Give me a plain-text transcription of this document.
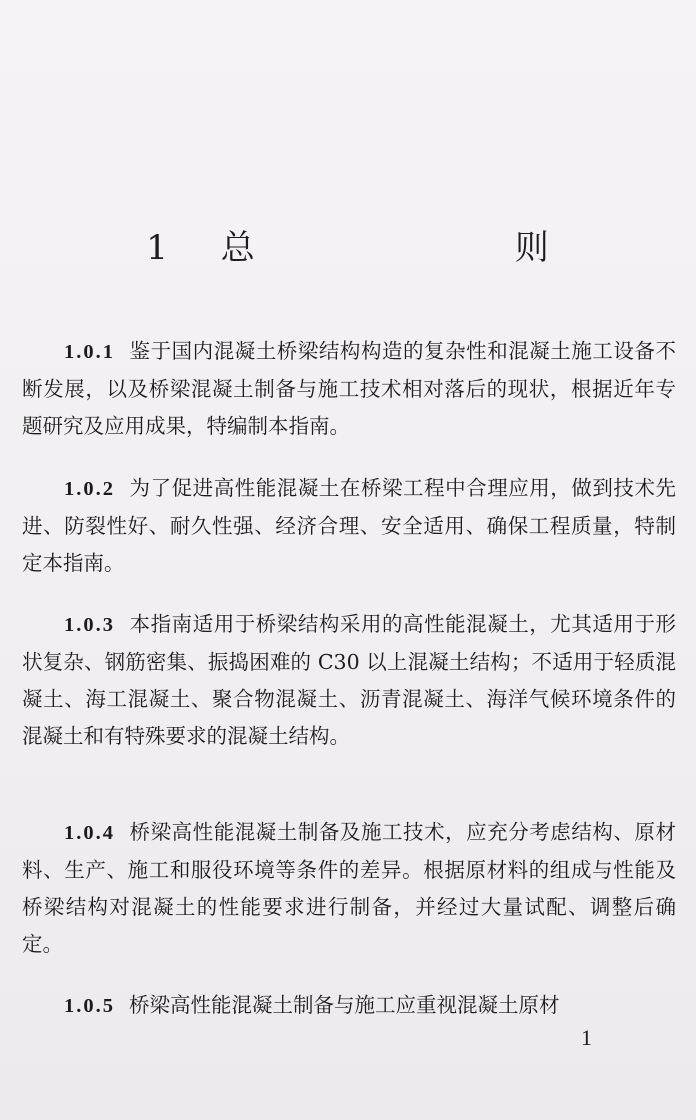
1 总     则
1.0.1 鉴于国内混凝土桥梁结构构造的复杂性和混凝土施工设备不断发展，以及桥梁混凝土制备与施工技术相对落后的现状，根据近年专题研究及应用成果，特编制本指南。
1.0.2 为了促进高性能混凝土在桥梁工程中合理应用，做到技术先进、防裂性好、耐久性强、经济合理、安全适用、确保工程质量，特制定本指南。
1.0.3 本指南适用于桥梁结构采用的高性能混凝土，尤其适用于形状复杂、钢筋密集、振捣困难的 C30 以上混凝土结构；不适用于轻质混凝土、海工混凝土、聚合物混凝土、沥青混凝土、海洋气候环境条件的混凝土和有特殊要求的混凝土结构。
1.0.4 桥梁高性能混凝土制备及施工技术，应充分考虑结构、原材料、生产、施工和服役环境等条件的差异。根据原材料的组成与性能及桥梁结构对混凝土的性能要求进行制备，并经过大量试配、调整后确定。
1.0.5 桥梁高性能混凝土制备与施工应重视混凝土原材
1
